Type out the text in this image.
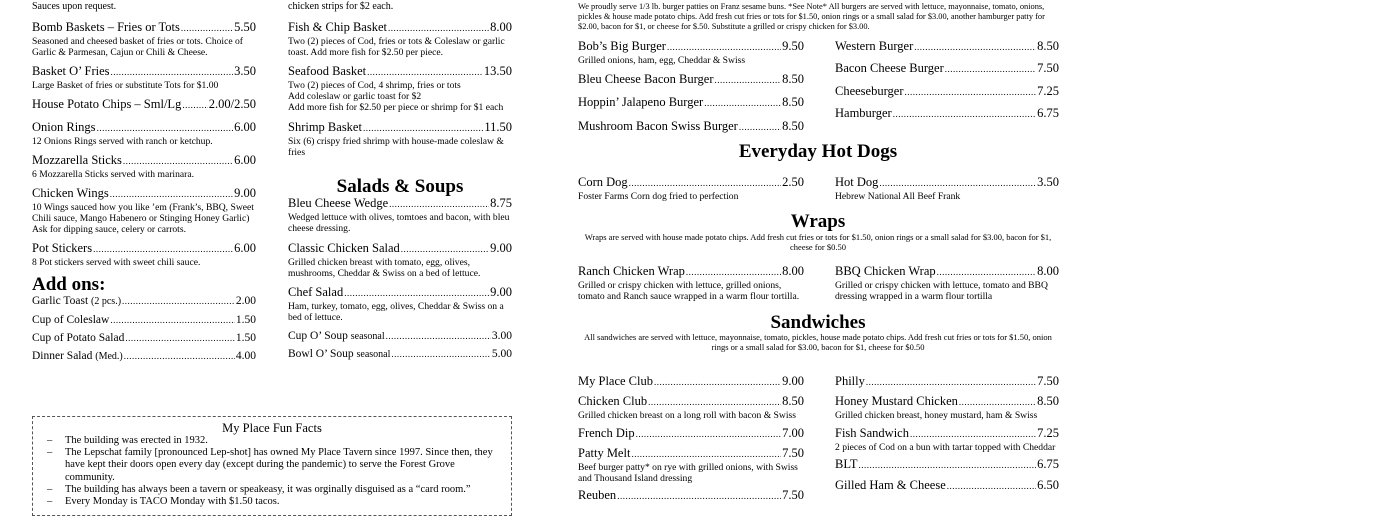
Sauces upon request.
Bomb Baskets – Fries or Tots .....	5.50
Seasoned and cheesed basket of fries or tots. Choice of Garlic & Parmesan, Cajun or Chili & Cheese.
Basket O’ Fries .....	3.50
Large Basket of fries or substitute Tots for $1.00
House Potato Chips – Sml/Lg ..... 2.00/2.50
Onion Rings .....	6.00
12 Onions Rings served with ranch or ketchup.
Mozzarella Sticks .....	6.00
6 Mozzarella Sticks served with marinara.
Chicken Wings .....	9.00
10 Wings sauced how you like ’em (Frank’s, BBQ, Sweet Chili sauce, Mango Habenero or Stinging Honey Garlic) Ask for dipping sauce, celery or carrots.
Pot Stickers .....	6.00
8 Pot stickers served with sweet chili sauce.
Add ons:
Garlic Toast (2 pcs.) .....	2.00
Cup of Coleslaw .....	1.50
Cup of Potato Salad .....	1.50
Dinner Salad (Med.) .....	4.00
chicken strips for $2 each.
Fish & Chip Basket .....	8.00
Two (2) pieces of Cod, fries or tots & Coleslaw or garlic toast. Add more fish for $2.50 per piece.
Seafood Basket .....	13.50
Two (2) pieces of Cod, 4 shrimp, fries or tots
Add coleslaw or garlic toast for $2
Add more fish for $2.50 per piece or shrimp for $1 each
Shrimp Basket .....	11.50
Six (6) crispy fried shrimp with house-made coleslaw & fries
Salads & Soups
Bleu Cheese Wedge .....	8.75
Wedged lettuce with olives, tomtoes and bacon, with bleu cheese dressing.
Classic Chicken Salad .....	9.00
Grilled chicken breast with tomato, egg, olives, mushrooms, Cheddar & Swiss on a bed of lettuce.
Chef Salad .....	9.00
Ham, turkey, tomato, egg, olives, Cheddar & Swiss on a bed of lettuce.
Cup O’ Soup seasonal .....	3.00
Bowl O’ Soup seasonal .....	5.00
My Place Fun Facts
– The building was erected in 1932.
– The Lepschat family [pronounced Lep-shot] has owned My Place Tavern since 1997. Since then, they have kept their doors open every day (except during the pandemic) to serve the Forest Grove community.
– The building has always been a tavern or speakeasy, it was orginally disguised as a “card room.”
– Every Monday is TACO Monday with $1.50 tacos.
We proudly serve 1/3 lb. burger patties on Franz sesame buns. *See Note* All burgers are served with lettuce, mayonnaise, tomato, onions, pickles & house made potato chips. Add fresh cut fries or tots for $1.50, onion rings or a small salad for $3.00, another hamburger patty for $2.00, bacon for $1, or cheese for $.50. Substitute a grilled or crispy chicken for $3.00.
Bob’s Big Burger .....	9.50
Grilled onions, ham, egg, Cheddar & Swiss
Bleu Cheese Bacon Burger .....	8.50
Hoppin’ Jalapeno Burger .....	8.50
Mushroom Bacon Swiss Burger .....	8.50
Corn Dog .....	2.50
Foster Farms Corn dog fried to perfection
Ranch Chicken Wrap .....	8.00
Grilled or crispy chicken with lettuce, grilled onions, tomato and Ranch sauce wrapped in a warm flour tortilla.
My Place Club .....	9.00
Chicken Club .....	8.50
Grilled chicken breast on a long roll with bacon & Swiss
French Dip .....	7.00
Patty Melt .....	7.50
Beef burger patty* on rye with grilled onions, with Swiss and Thousand Island dressing
Reuben .....	7.50
Western Burger .....	8.50
Bacon Cheese Burger .....	7.50
Cheeseburger .....	7.25
Hamburger .....	6.75
Hot Dog .....	3.50
Hebrew National All Beef Frank
BBQ Chicken Wrap .....	8.00
Grilled or crispy chicken with lettuce, tomato and BBQ dressing wrapped in a warm flour tortilla
Philly .....	7.50
Honey Mustard Chicken .....	8.50
Grilled chicken breast, honey mustard, ham & Swiss
Fish Sandwich .....	7.25
2 pieces of Cod on a bun with tartar topped with Cheddar
BLT .....	6.75
Gilled Ham & Cheese .....	6.50
Everyday Hot Dogs
Wraps
Wraps are served with house made potato chips. Add fresh cut fries or tots for $1.50, onion rings or a small salad for $3.00, bacon for $1, cheese for $0.50
Sandwiches
All sandwiches are served with lettuce, mayonnaise, tomato, pickles, house made potato chips. Add fresh cut fries or tots for $1.50, onion rings or a small salad for $3.00, bacon for $1, cheese for $0.50
